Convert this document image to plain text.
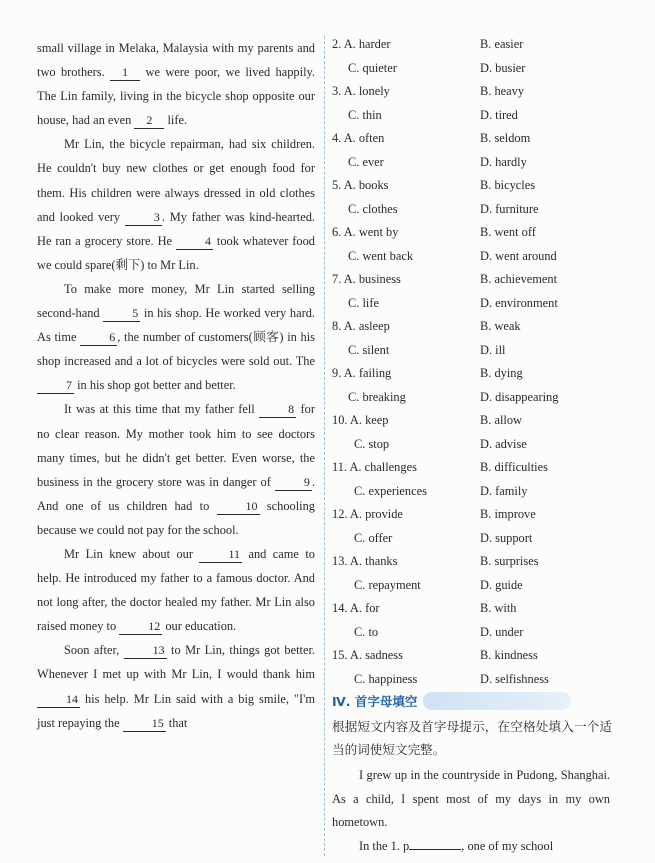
small village in Melaka, Malaysia with my parents and two brothers. 1 we were poor, we lived happily. The Lin family, living in the bicycle shop opposite our house, had an even 2 life.

Mr Lin, the bicycle repairman, had six children. He couldn't buy new clothes or get enough food for them. His children were always dressed in old clothes and looked very 3 . My father was kind-hearted. He ran a grocery store. He 4 took whatever food we could spare(剩下) to Mr Lin.

To make more money, Mr Lin started selling second-hand 5 in his shop. He worked very hard. As time 6 , the number of customers(顾客) in his shop increased and a lot of bicycles were sold out. The 7 in his shop got better and better.

It was at this time that my father fell 8 for no clear reason. My mother took him to see doctors many times, but he didn't get better. Even worse, the business in the grocery store was in danger of 9 . And one of us children had to 10 schooling because we could not pay for the school.

Mr Lin knew about our 11 and came to help. He introduced my father to a famous doctor. And not long after, the doctor healed my father. Mr Lin also raised money to 12 our education.

Soon after, 13 to Mr Lin, things got better. Whenever I met up with Mr Lin, I would thank him 14 his help. Mr Lin said with a big smile, "I'm just repaying the 15 that

2. A. harder	B. easier
C. quieter	D. busier
3. A. lonely	B. heavy
C. thin	D. tired
4. A. often	B. seldom
C. ever	D. hardly
5. A. books	B. bicycles
C. clothes	D. furniture
6. A. went by	B. went off
C. went back	D. went around
7. A. business	B. achievement
C. life	D. environment
8. A. asleep	B. weak
C. silent	D. ill
9. A. failing	B. dying
C. breaking	D. disappearing
10. A. keep	B. allow
C. stop	D. advise
11. A. challenges	B. difficulties
C. experiences	D. family
12. A. provide	B. improve
C. offer	D. support
13. A. thanks	B. surprises
C. repayment	D. guide
14. A. for	B. with
C. to	D. under
15. A. sadness	B. kindness
C. happiness	D. selfishness
Ⅳ. 首字母填空
根据短文内容及首字母提示，在空格处填入一个适当的词使短文完整。

I grew up in the countryside in Pudong, Shanghai. As a child, I spent most of my days in my own hometown.

In the 1. p	, one of my school
